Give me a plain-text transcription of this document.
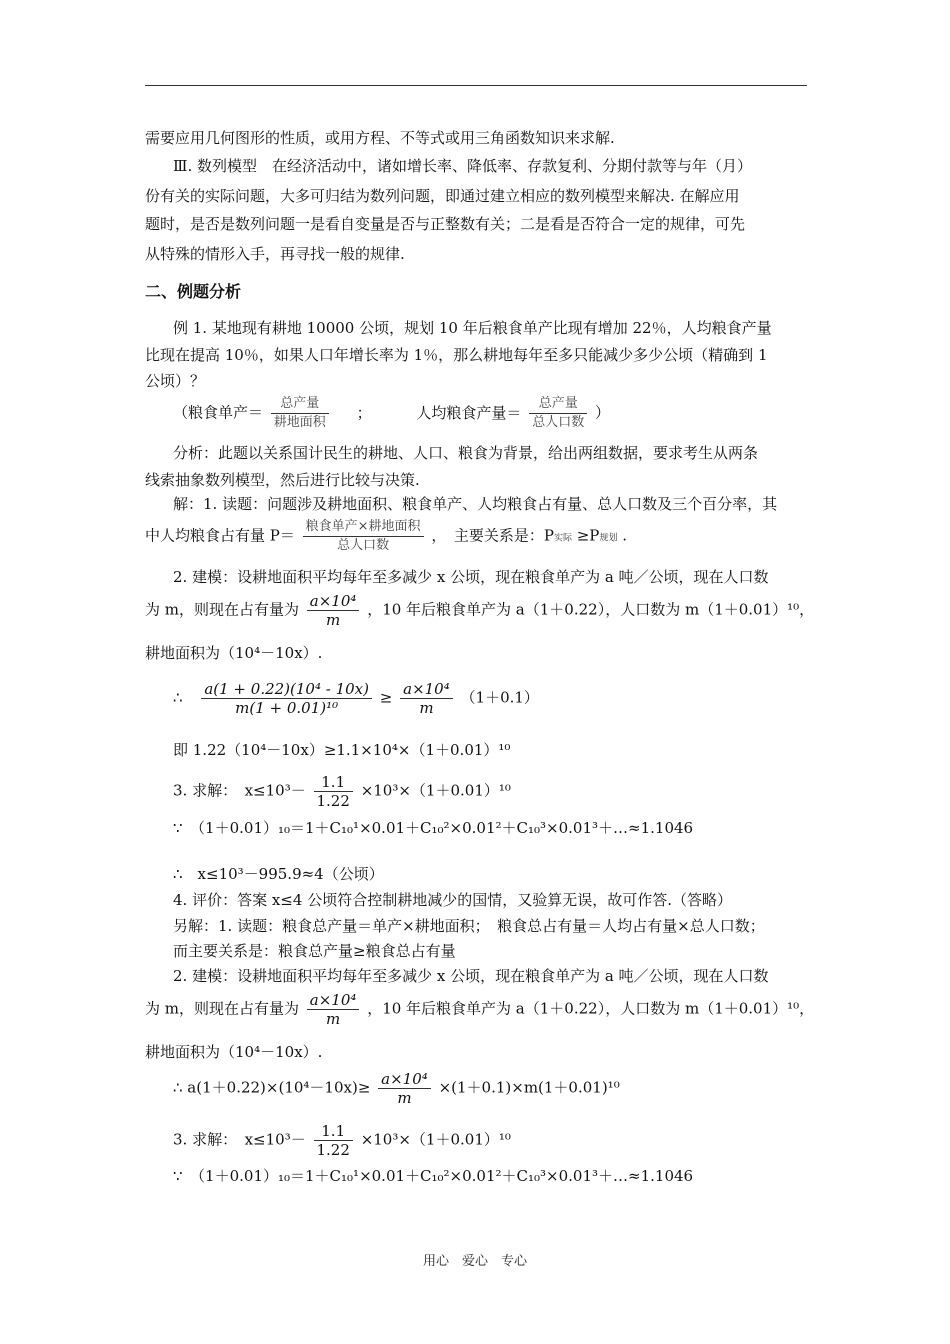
需要应用几何图形的性质，或用方程、不等式或用三角函数知识来求解.
Ⅲ. 数列模型　在经济活动中，诸如增长率、降低率、存款复利、分期付款等与年（月）
份有关的实际问题，大多可归结为数列问题，即通过建立相应的数列模型来解决. 在解应用
题时，是否是数列问题一是看自变量是否与正整数有关；二是看是否符合一定的规律，可先
从特殊的情形入手，再寻找一般的规律.
二、例题分析
例 1. 某地现有耕地 10000 公顷，规划 10 年后粮食单产比现有增加 22％，人均粮食产量
比现在提高 10％，如果人口年增长率为 1％，那么耕地每年至多只能减少多少公顷（精确到 1
公顷）？
（粮食单产＝ $\frac{\text{总产量}}{\text{耕地面积}}$ ；	人均粮食产量＝ $\frac{\text{总产量}}{\text{总人口数}}$ ）
分析：此题以关系国计民生的耕地、人口、粮食为背景，给出两组数据，要求考生从两条
线索抽象数列模型，然后进行比较与决策.
解：1. 读题：问题涉及耕地面积、粮食单产、人均粮食占有量、总人口数及三个百分率，其
中人均粮食占有量 $P= \frac{\text{粮食单产×耕地面积}}{\text{总人口数}}$ ，　主要关系是：P实际 ≥P规划 .
2. 建模：设耕地面积平均每年至多减少 x 公顷，现在粮食单产为 a 吨／公顷，现在人口数
为 m，则现在占有量为 $\frac{\text{a×10⁴}}{m}$ ，10 年后粮食单产为 a（1＋0.22），人口数为 m（1＋0.01）¹⁰，
耕地面积为（10⁴－10x）.
∴ $\frac{\text{a(1 + 0.22)(10⁴ - 10x)}}{\text{m(1 + 0.01)¹⁰}} \ge \frac{\text{a×10⁴}}{m} (1+0.1)$
即 1.22（10⁴－10x）≥1.1×10⁴×（1＋0.01）¹⁰
3. 求解：　$x\le 10^3- \frac{1.1}{1.22} \times 10^3\times(1+0.01)^{10}$
∵　（1＋0.01）₁₀＝1＋C₁₀¹×0.01＋C₁₀²×0.01²＋C₁₀³×0.01³＋…≈1.1046
∴　x≤10³－995.9≈4（公顷）
4. 评价：答案 x≤4 公顷符合控制耕地减少的国情，又验算无误，故可作答.（答略）
另解：1. 读题：粮食总产量＝单产×耕地面积；　粮食总占有量＝人均占有量×总人口数；
而主要关系是：粮食总产量≥粮食总占有量
2. 建模：设耕地面积平均每年至多减少 x 公顷，现在粮食单产为 a 吨／公顷，现在人口数
为 m，则现在占有量为 $\frac{\text{a×10⁴}}{m}$ ，10 年后粮食单产为 a（1＋0.22），人口数为 m（1＋0.01）¹⁰，
耕地面积为（10⁴－10x）.
∴ $a(1+0.22)\times(10^4-10x)\ge \frac{\text{a×10⁴}}{m} \times(1+0.1)\times m(1+0.01)^{10}$
3. 求解：　$x\le 10^3- \frac{1.1}{1.22} \times 10^3\times(1+0.01)^{10}$
∵　（1＋0.01）₁₀＝1＋C₁₀¹×0.01＋C₁₀²×0.01²＋C₁₀³×0.01³＋…≈1.1046
用心　爱心　专心
